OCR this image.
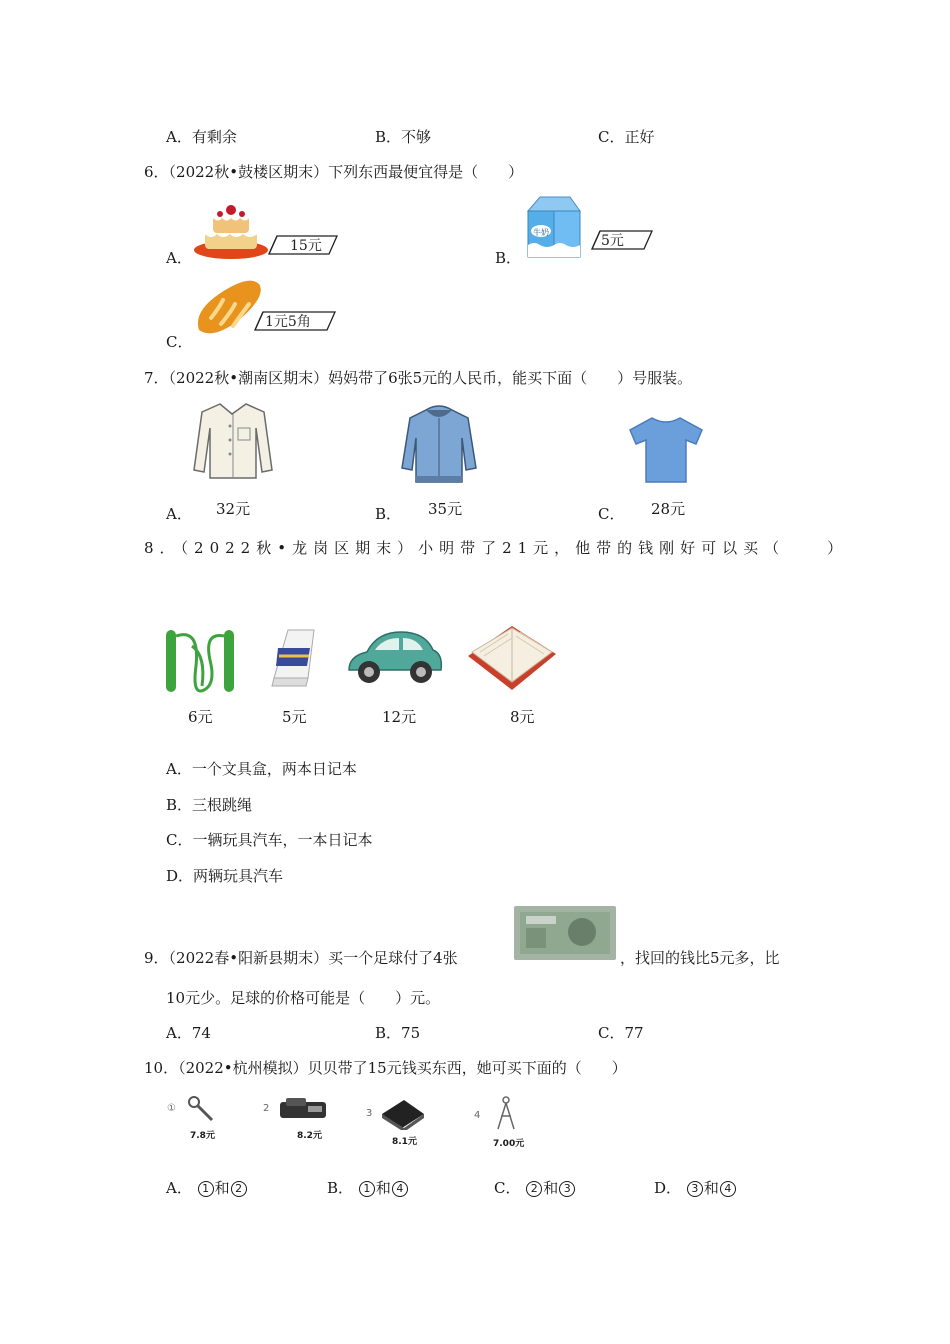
A．有剩余	B．不够	C．正好
6．（2022秋•鼓楼区期末）下列东西最便宜得是（　　）
A．
15元
B．
牛奶
5元
C．
1元5角
7．（2022秋•潮南区期末）妈妈带了6张5元的人民币，能买下面（　　）号服装。
A． 32元	B． 35元	C． 28元
8．（2022秋•龙岗区期末）小明带了21元，他带的钱刚好可以买（　　）
6元	5元	12元	8元
A．一个文具盒，两本日记本
B．三根跳绳
C．一辆玩具汽车，一本日记本
D．两辆玩具汽车
9．（2022春•阳新县期末）买一个足球付了4张	，找回的钱比5元多，比
10元少。足球的价格可能是（　　）元。
A．74	B．75	C．77
10．（2022•杭州模拟）贝贝带了15元钱买东西，她可买下面的（　　）
①
7.8元
2
8.2元
3
8.1元
4
7.00元
A． 1 和 2	B． 1 和 4	C． 2 和 3	D． 3 和 4
